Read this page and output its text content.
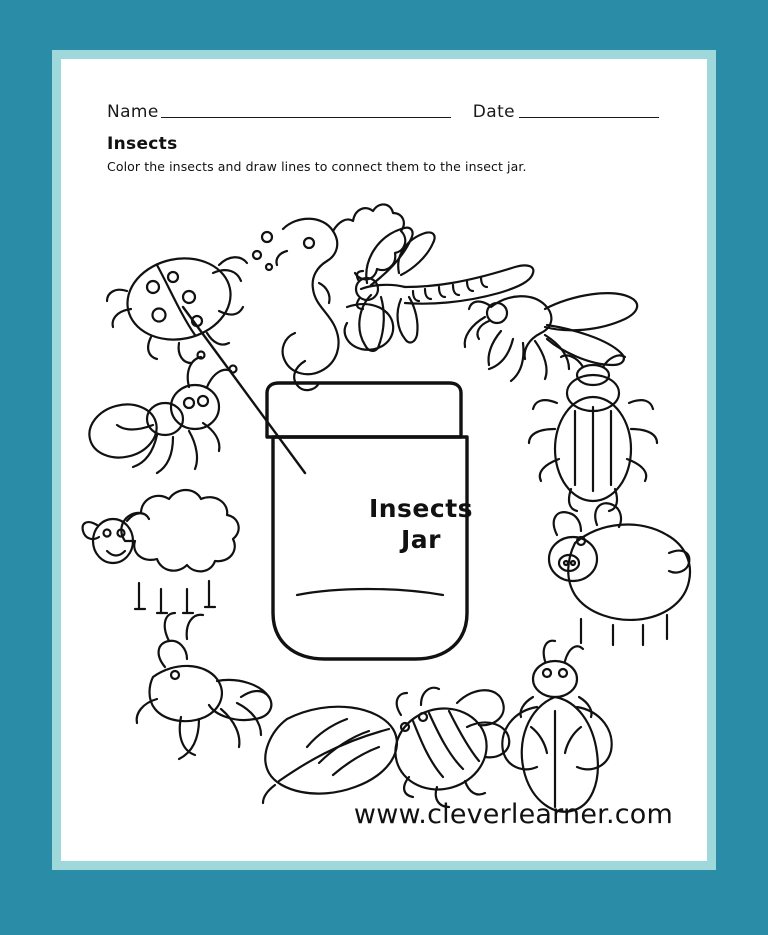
Name	Date
Insects
Color the insects and draw lines to connect them to the insect jar.
Insects
Jar
www.cleverlearner.com
